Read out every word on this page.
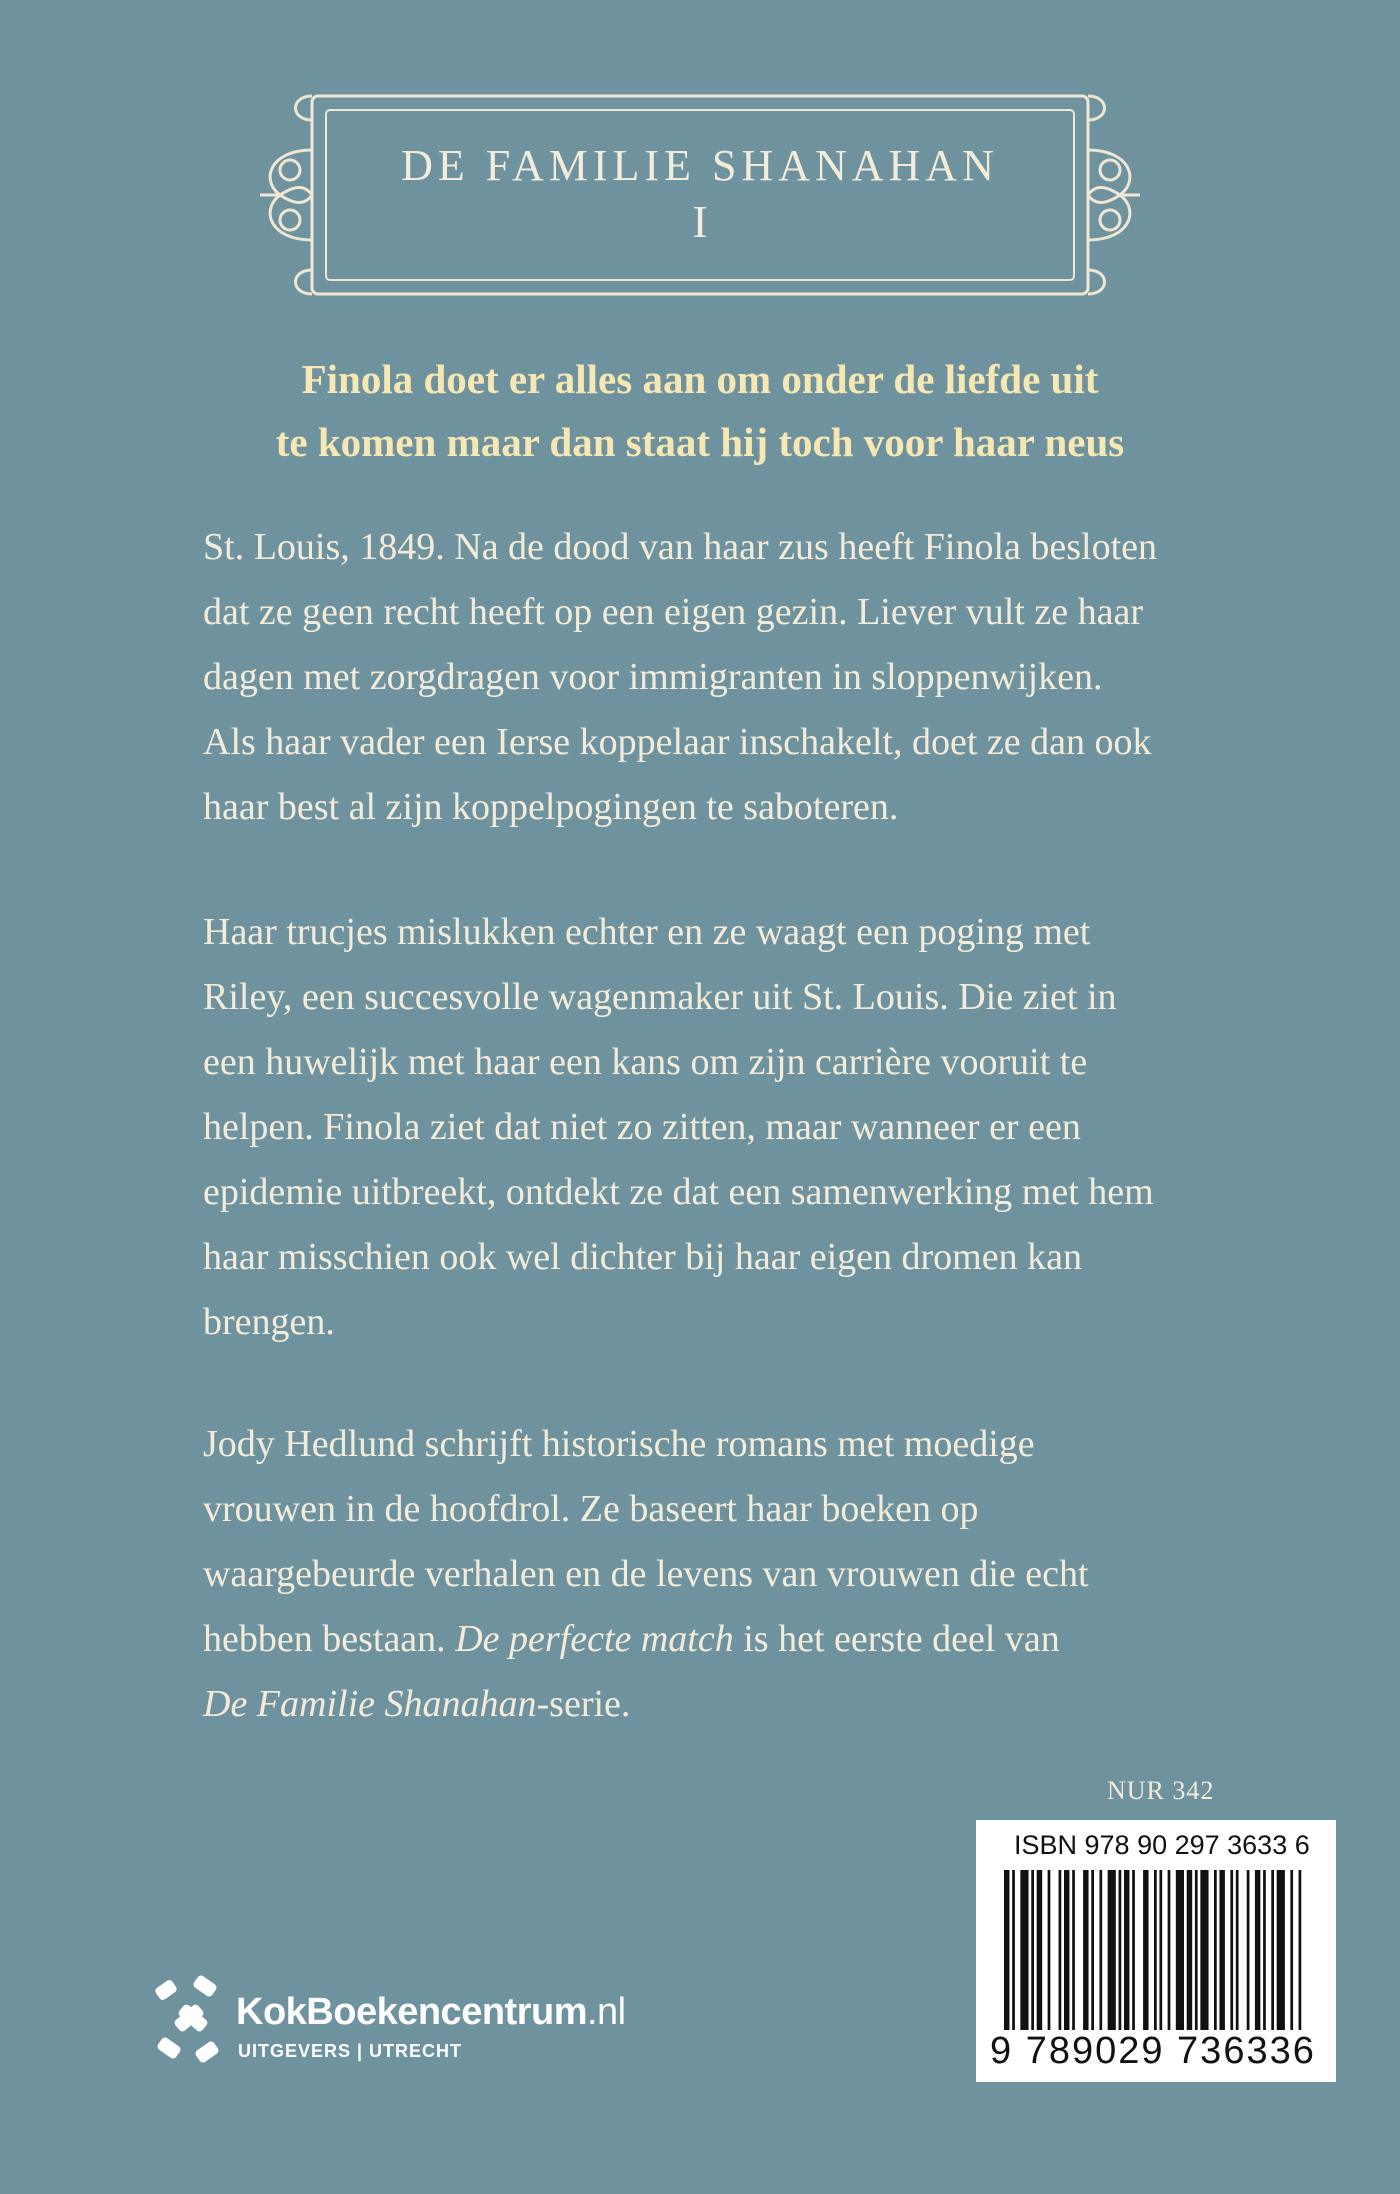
DE FAMILIE SHANAHAN
I
Finola doet er alles aan om onder de liefde uit
te komen maar dan staat hij toch voor haar neus
St. Louis, 1849. Na de dood van haar zus heeft Finola besloten
dat ze geen recht heeft op een eigen gezin. Liever vult ze haar
dagen met zorgdragen voor immigranten in sloppenwijken.
Als haar vader een Ierse koppelaar inschakelt, doet ze dan ook
haar best al zijn koppelpogingen te saboteren.
Haar trucjes mislukken echter en ze waagt een poging met
Riley, een succesvolle wagenmaker uit St. Louis. Die ziet in
een huwelijk met haar een kans om zijn carrière vooruit te
helpen. Finola ziet dat niet zo zitten, maar wanneer er een
epidemie uitbreekt, ontdekt ze dat een samenwerking met hem
haar misschien ook wel dichter bij haar eigen dromen kan
brengen.
Jody Hedlund schrijft historische romans met moedige
vrouwen in de hoofdrol. Ze baseert haar boeken op
waargebeurde verhalen en de levens van vrouwen die echt
hebben bestaan. De perfecte match is het eerste deel van
De Familie Shanahan-serie.
NUR 342
ISBN 978 90 297 3633 6
9 789029 736336
KokBoekencentrum.nl
UITGEVERS | UTRECHT
